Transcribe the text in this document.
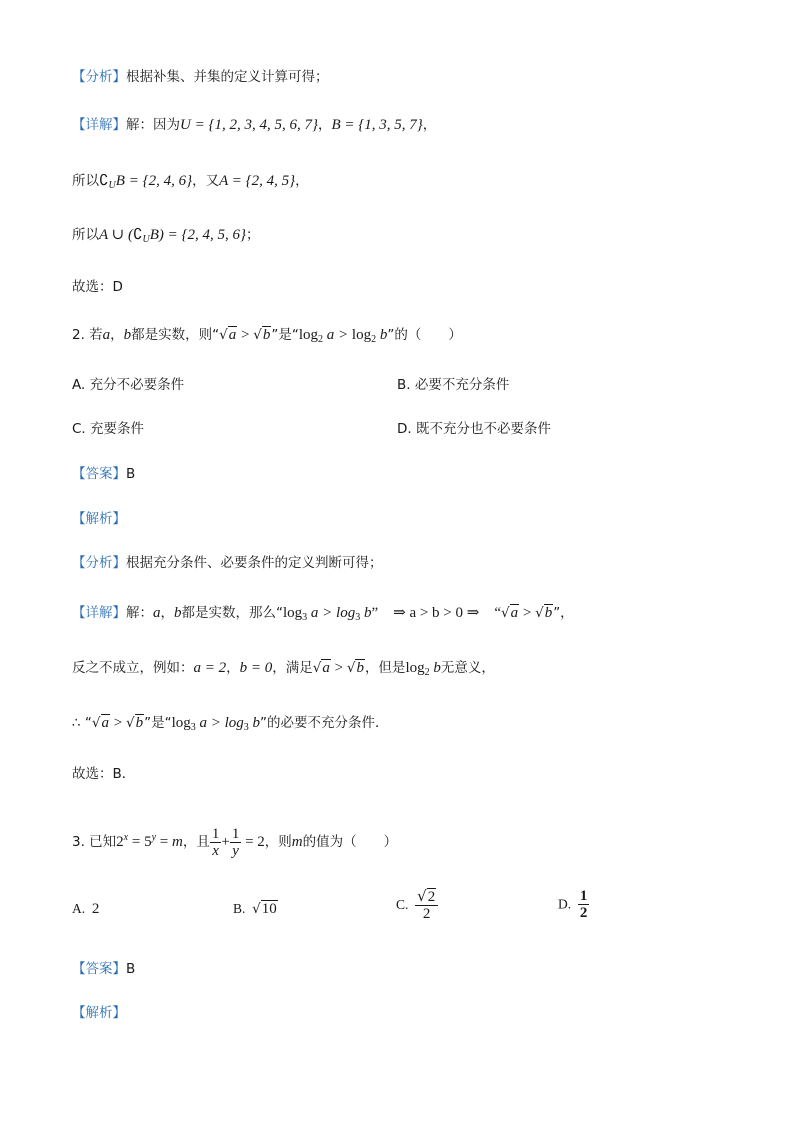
【分析】根据补集、并集的定义计算可得；
【详解】解：因为U = {1, 2, 3, 4, 5, 6, 7}，B = {1, 3, 5, 7}，
所以$∁_UB = \{2$, 4, 6}，又A = {2, 4, 5}，
所以A ∪ $(∁_UB) = \{2$, 4, 5, 6}；
故选：D
2. 若a，b都是实数，则“√a > √b”是“$\log_2$ $a > \log_2 b$”的（　　）
A. 充分不必要条件	B. 必要不充分条件
C. 充要条件	D. 既不充分也不必要条件
【答案】B
【解析】
【分析】根据充分条件、必要条件的定义判断可得；
【详解】解：a，b都是实数，那么“$\log_3$ $a > \log_3 b$”　⇒ a > b > 0 ⇒　“√a > √b”，
反之不成立，例如：a = 2，b = 0，满足√a > √b，但是$\log_2 b$无意义，
∴ “√a > √b”是“$\log_3$ $a > \log_3 b$”的必要不充分条件．
故选：B．
3. 已知$2^x = 5^y = m$，且 $\frac{1}{x} + \frac{1}{y} = 2$，则m的值为（　　）
A. 2	B. √10	C. $\frac{√2}{2}$	D. $\frac{1}{2}$
【答案】B
【解析】
